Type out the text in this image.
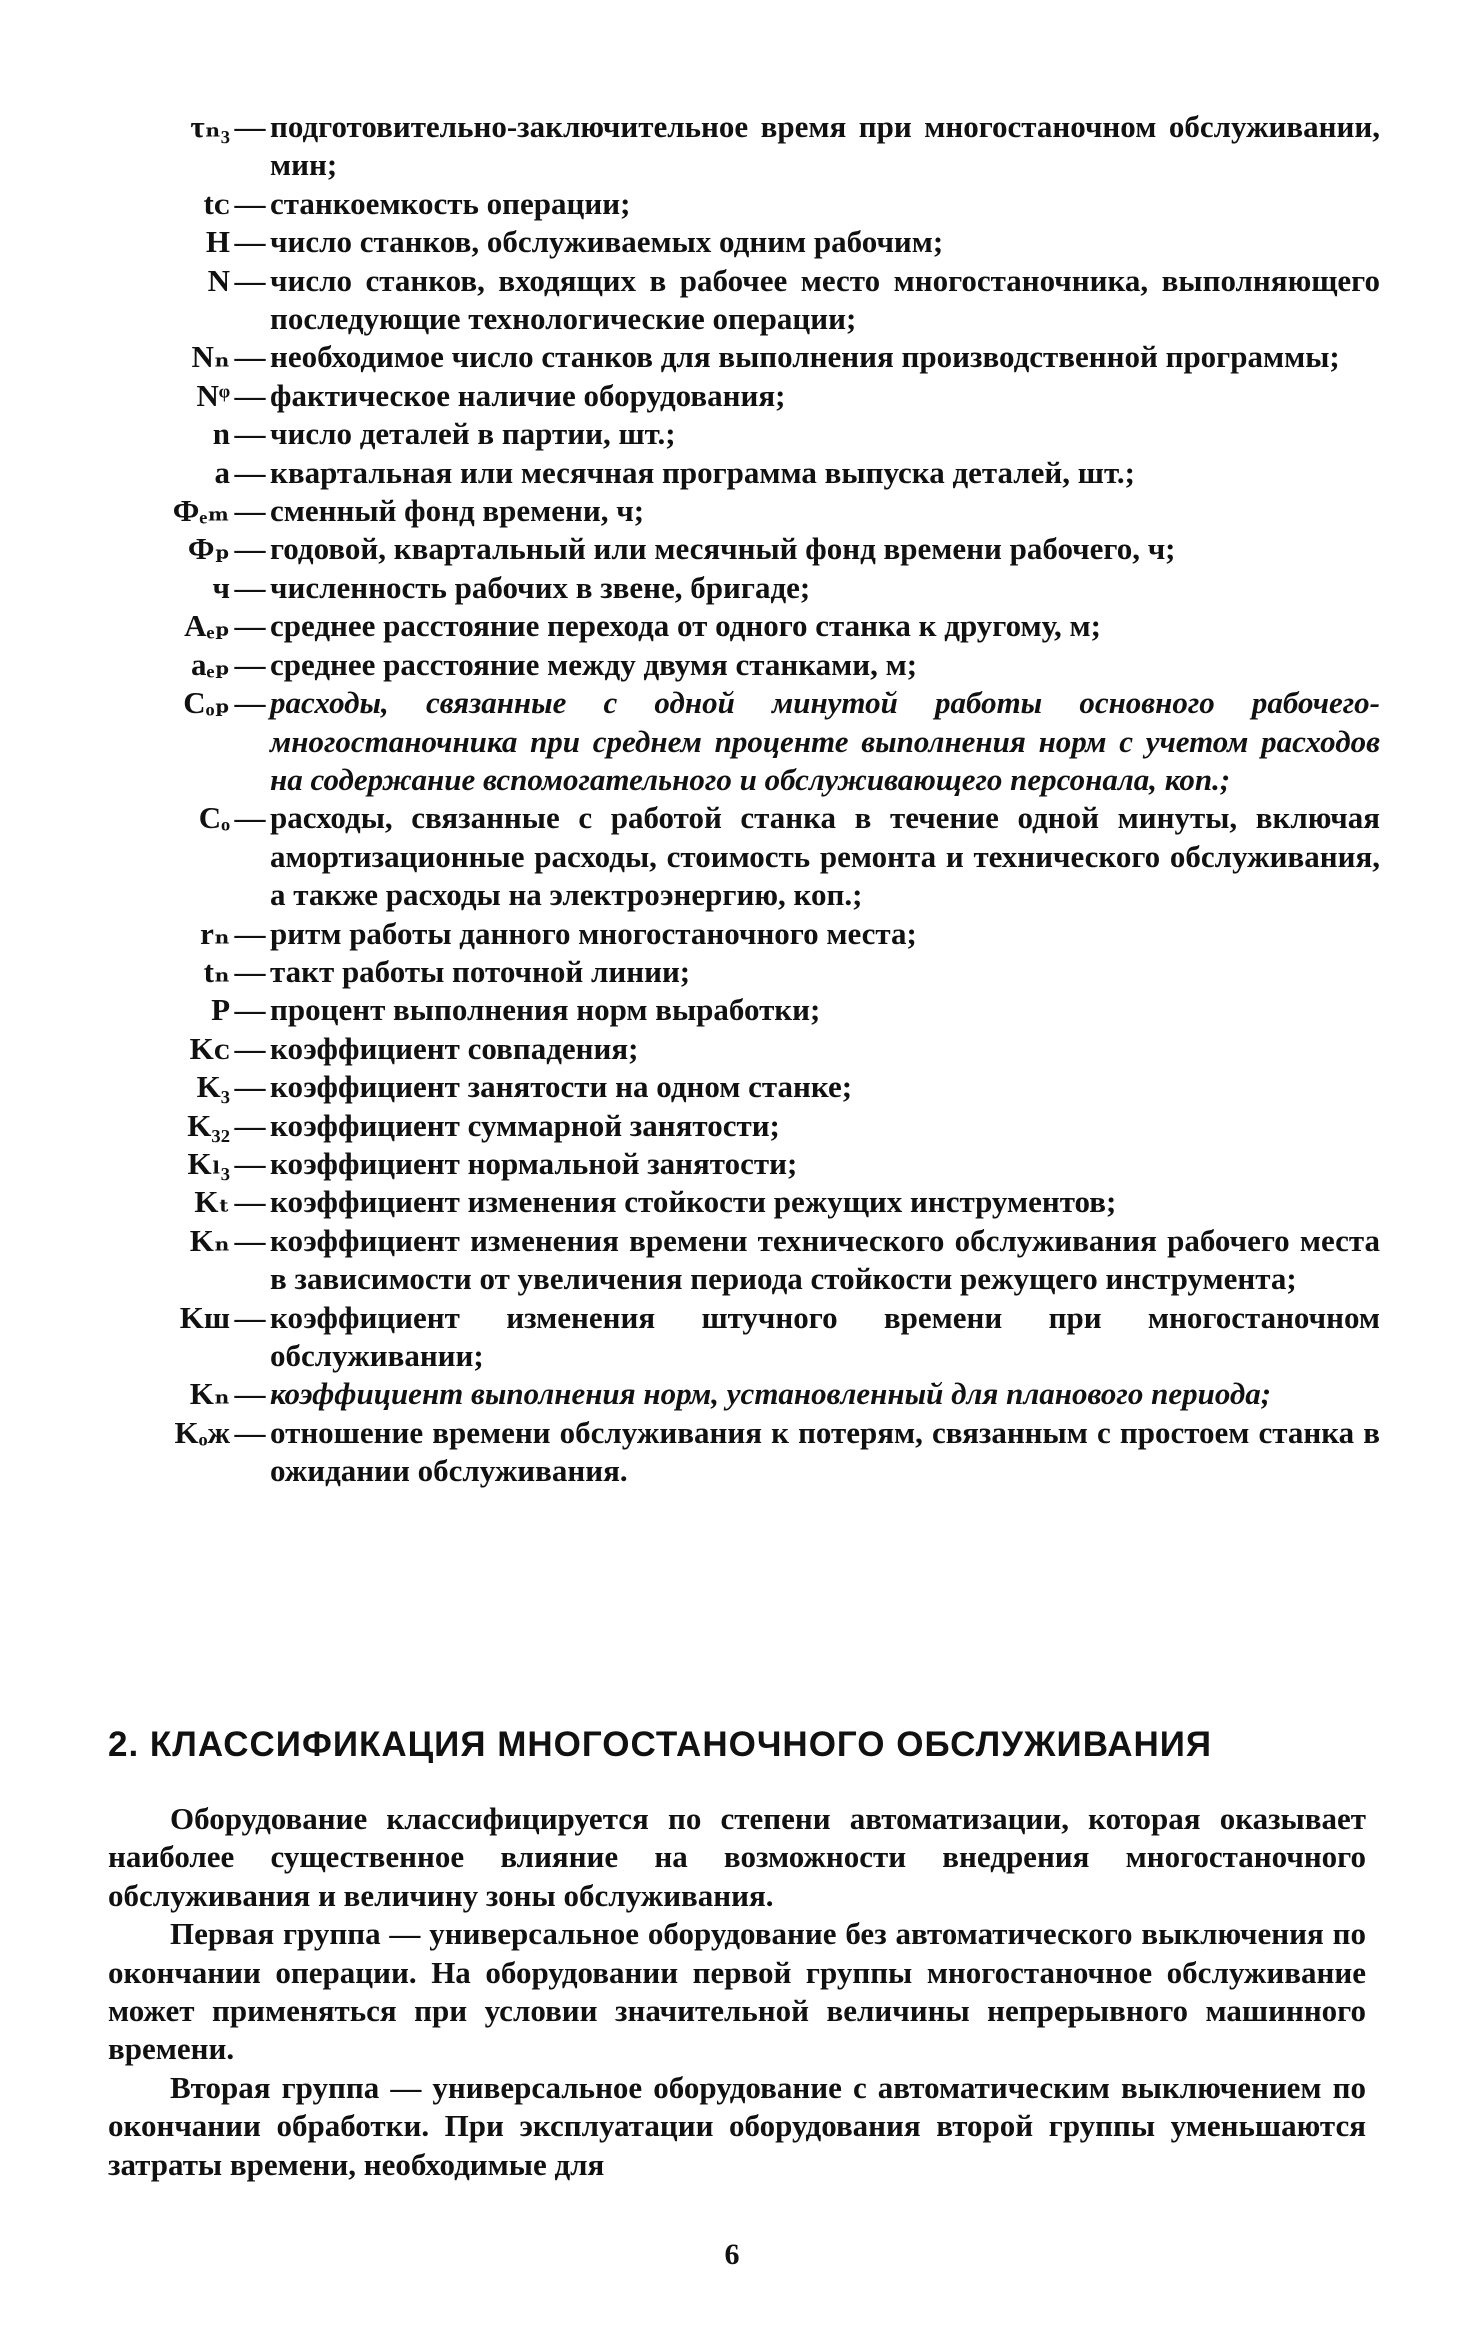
τₙ₃ — подготовительно-заключительное время при многостаночном обслуживании, мин;
tᴄ — станкоемкость операции;
H — число станков, обслуживаемых одним рабочим;
N — число станков, входящих в рабочее место многостаночника, выполняющего последующие технологические операции;
Nₙ — необходимое число станков для выполнения производственной программы;
Nᵠ — фактическое наличие оборудования;
n — число деталей в партии, шт.;
а — квартальная или месячная программа выпуска деталей, шт.;
Фₑₘ — сменный фонд времени, ч;
Фₚ — годовой, квартальный или месячный фонд времени рабочего, ч;
ч — численность рабочих в звене, бригаде;
Aₑₚ — среднее расстояние перехода от одного станка к другому, м;
aₑₚ — среднее расстояние между двумя станками, м;
Cₒₚ — расходы, связанные с одной минутой работы основного рабочего-многостаночника при среднем проценте выполнения норм с учетом расходов на содержание вспомогательного и обслуживающего персонала, коп.;
Cₒ — расходы, связанные с работой станка в течение одной минуты, включая амортизационные расходы, стоимость ремонта и технического обслуживания, а также расходы на электроэнергию, коп.;
rₙ — ритм работы данного многостаночного места;
tₙ — такт работы поточной линии;
P — процент выполнения норм выработки;
Kᴄ — коэффициент совпадения;
K₃ — коэффициент занятости на одном станке;
K₃₂ — коэффициент суммарной занятости;
Kₗ₃ — коэффициент нормальной занятости;
Kₜ — коэффициент изменения стойкости режущих инструментов;
Kₙ — коэффициент изменения времени технического обслуживания рабочего места в зависимости от увеличения периода стойкости режущего инструмента;
Kш — коэффициент изменения штучного времени при многостаночном обслуживании;
Kₙ — коэффициент выполнения норм, установленный для планового периода;
Kₒж — отношение времени обслуживания к потерям, связанным с простоем станка в ожидании обслуживания.
2. КЛАССИФИКАЦИЯ МНОГОСТАНОЧНОГО ОБСЛУЖИВАНИЯ

Оборудование классифицируется по степени автоматизации, которая оказывает наиболее существенное влияние на возможности внедрения многостаночного обслуживания и величину зоны обслуживания.

Первая группа — универсальное оборудование без автоматического выключения по окончании операции. На оборудовании первой группы многостаночное обслуживание может применяться при условии значительной величины непрерывного машинного времени.

Вторая группа — универсальное оборудование с автоматическим выключением по окончании обработки. При эксплуатации оборудования второй группы уменьшаются затраты времени, необходимые для

6
